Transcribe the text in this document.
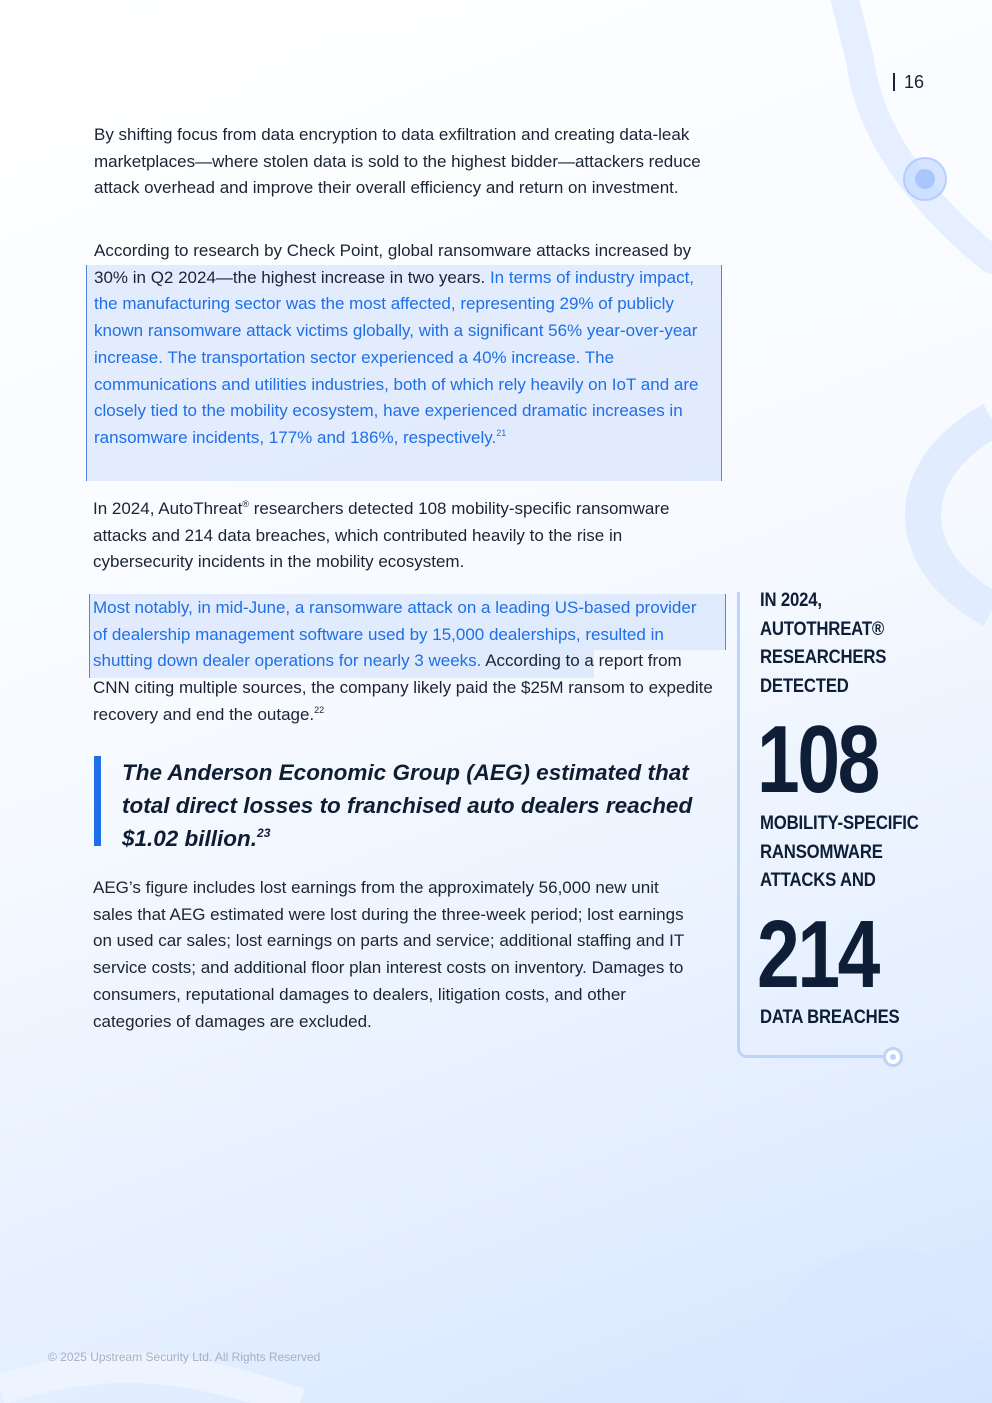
16

By shifting focus from data encryption to data exfiltration and creating data-leak marketplaces—where stolen data is sold to the highest bidder—attackers reduce attack overhead and improve their overall efficiency and return on investment.

According to research by Check Point, global ransomware attacks increased by 30% in Q2 2024—the highest increase in two years. In terms of industry impact, the manufacturing sector was the most affected, representing 29% of publicly known ransomware attack victims globally, with a significant 56% year-over-year increase. The transportation sector experienced a 40% increase. The communications and utilities industries, both of which rely heavily on IoT and are closely tied to the mobility ecosystem, have experienced dramatic increases in ransomware incidents, 177% and 186%, respectively.$^{21}$

In 2024, AutoThreat® researchers detected 108 mobility-specific ransomware attacks and 214 data breaches, which contributed heavily to the rise in cybersecurity incidents in the mobility ecosystem.

Most notably, in mid-June, a ransomware attack on a leading US-based provider of dealership management software used by 15,000 dealerships, resulted in shutting down dealer operations for nearly 3 weeks. According to a report from CNN citing multiple sources, the company likely paid the $25M ransom to expedite recovery and end the outage.$^{22}$

The Anderson Economic Group (AEG) estimated that total direct losses to franchised auto dealers reached $1.02 billion.$^{23}$

AEG’s figure includes lost earnings from the approximately 56,000 new unit sales that AEG estimated were lost during the three-week period; lost earnings on used car sales; lost earnings on parts and service; additional staffing and IT service costs; and additional floor plan interest costs on inventory. Damages to consumers, reputational damages to dealers, litigation costs, and other categories of damages are excluded.

IN 2024, AUTOTHREAT® RESEARCHERS DETECTED

108

MOBILITY-SPECIFIC RANSOMWARE ATTACKS AND

214

DATA BREACHES

© 2025 Upstream Security Ltd. All Rights Reserved
